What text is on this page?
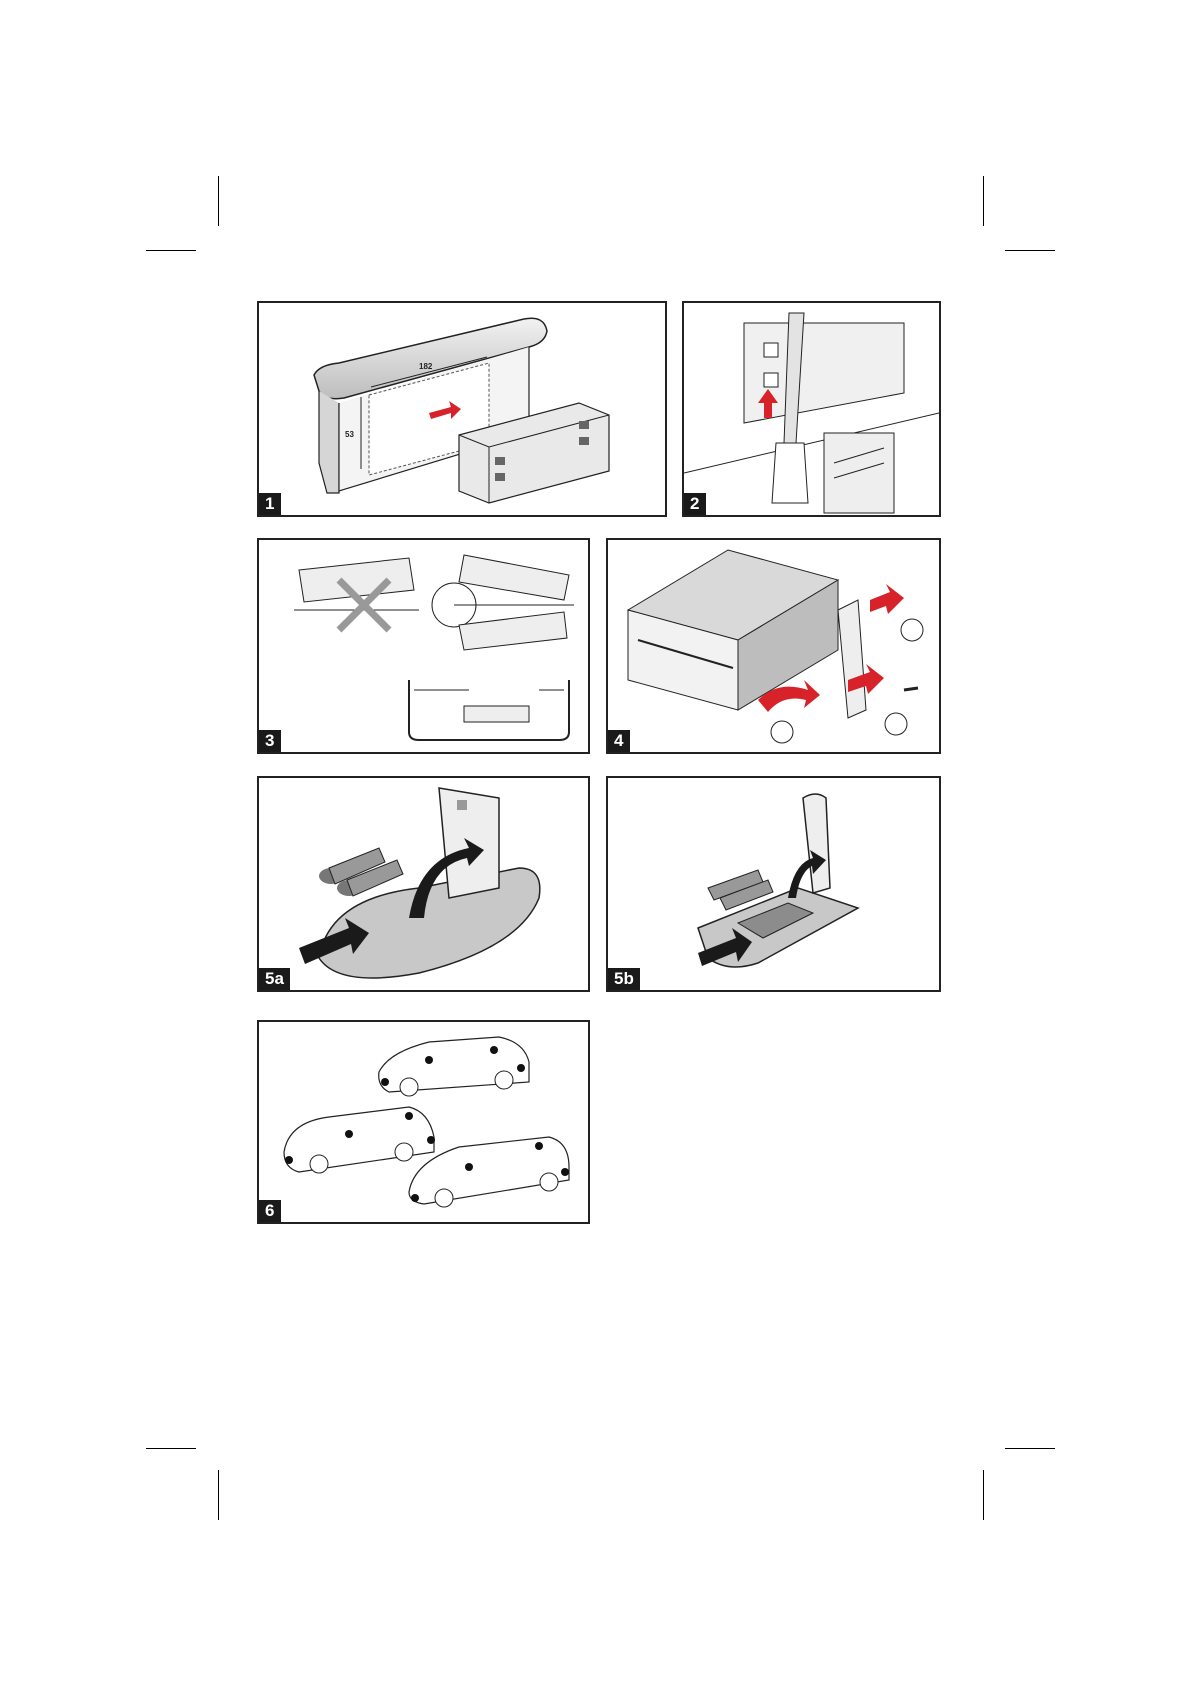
182
53
1	2
3	4
5a	5b
6
